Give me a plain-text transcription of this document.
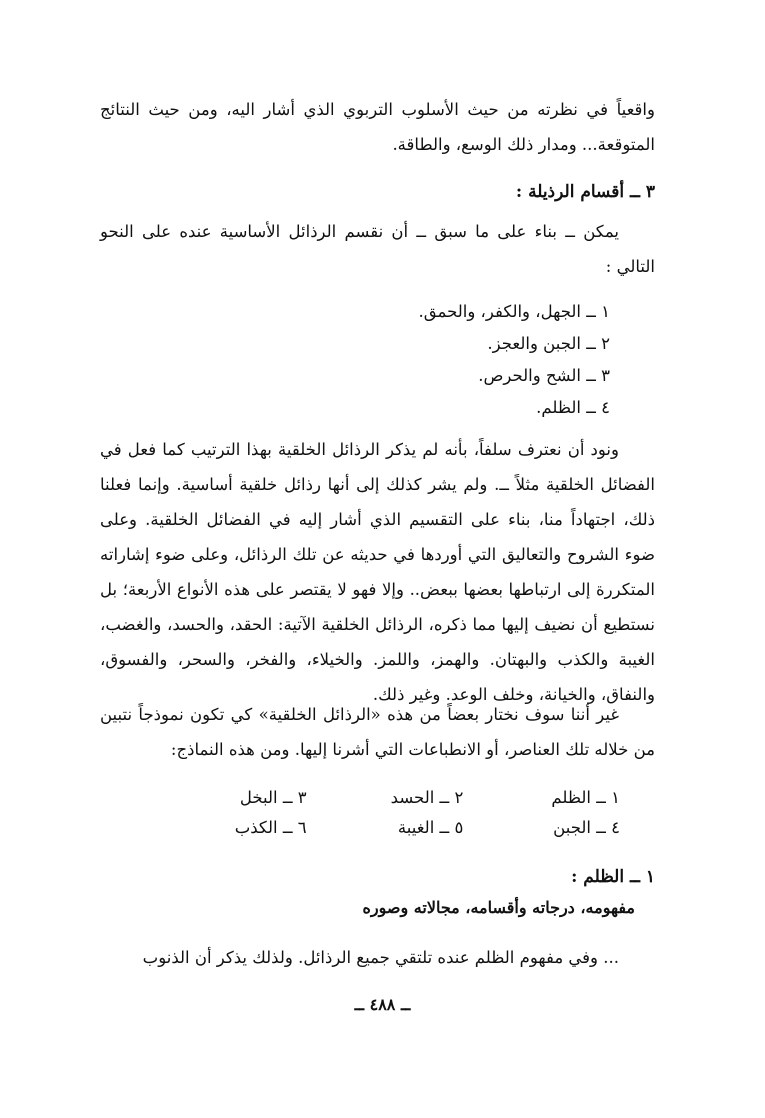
واقعياً في نظرته من حيث الأسلوب التربوي الذي أشار اليه، ومن حيث النتائج المتوقعة... ومدار ذلك الوسع، والطاقة.

٣ ــ أقسام الرذيلة :

يمكن ــ بناء على ما سبق ــ أن نقسم الرذائل الأساسية عنده على النحو التالي :

١ ــ الجهل، والكفر، والحمق.
٢ ــ الجبن والعجز.
٣ ــ الشح والحرص.
٤ ــ الظلم.

ونود أن نعترف سلفاً، بأنه لم يذكر الرذائل الخلقية بهذا الترتيب كما فعل في الفضائل الخلقية مثلاً ــ. ولم يشر كذلك إلى أنها رذائل خلقية أساسية. وإنما فعلنا ذلك، اجتهاداً منا، بناء على التقسيم الذي أشار إليه في الفضائل الخلقية. وعلى ضوء الشروح والتعاليق التي أوردها في حديثه عن تلك الرذائل، وعلى ضوء إشاراته المتكررة إلى ارتباطها بعضها ببعض.. وإلا فهو لا يقتصر على هذه الأنواع الأربعة؛ بل نستطيع أن نضيف إليها مما ذكره، الرذائل الخلقية الآتية: الحقد، والحسد، والغضب، الغيبة والكذب والبهتان. والهمز، واللمز. والخيلاء، والفخر، والسحر، والفسوق، والنفاق، والخيانة، وخلف الوعد. وغير ذلك.

غير أننا سوف نختار بعضاً من هذه «الرذائل الخلقية» كي تكون نموذجاً نتبين من خلاله تلك العناصر، أو الانطباعات التي أشرنا إليها. ومن هذه النماذج:

١ ــ الظلم
٢ ــ الحسد
٣ ــ البخل
٤ ــ الجبن
٥ ــ الغيبة
٦ ــ الكذب
١ ــ الظلم :
مفهومه، درجاته وأقسامه، مجالاته وصوره

... وفي مفهوم الظلم عنده تلتقي جميع الرذائل. ولذلك يذكر أن الذنوب

ــ ٤٨٨ ــ
